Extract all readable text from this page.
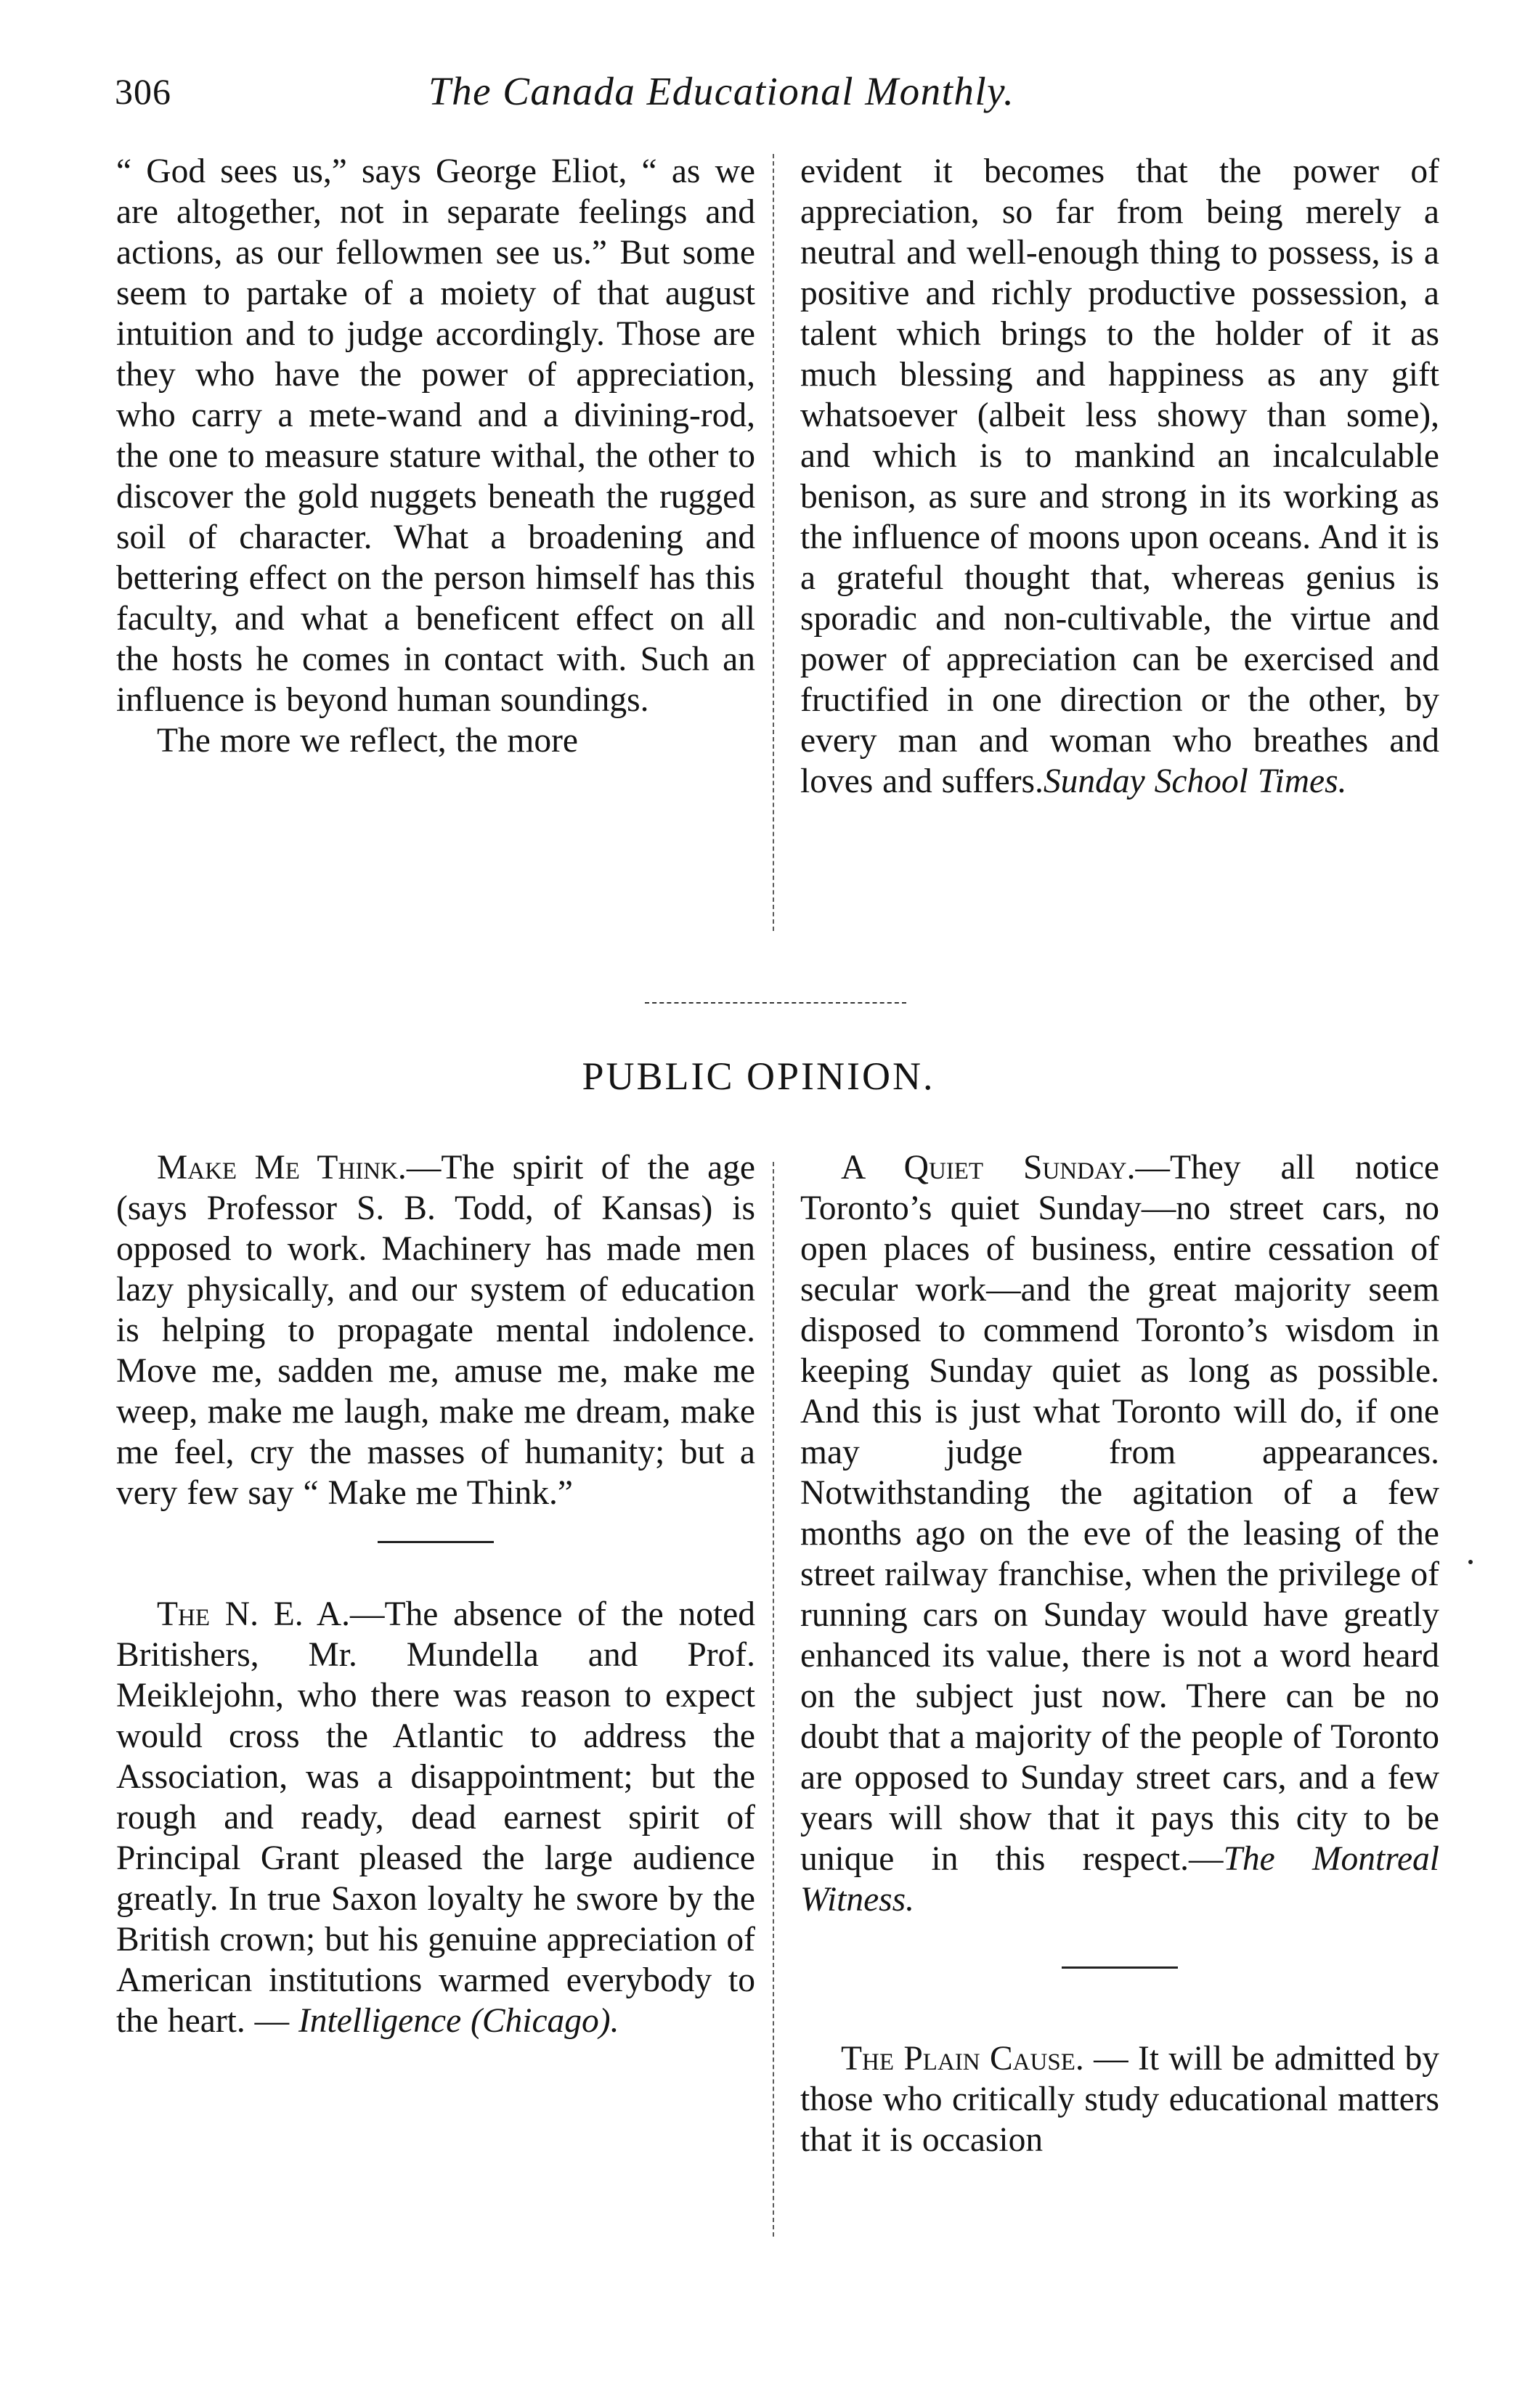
306	The Canada Educational Monthly.

“ God sees us,” says George Eliot, “ as we are altogether, not in separate feelings and actions, as our fellowmen see us.” But some seem to partake of a moiety of that august intuition and to judge accordingly. Those are they who have the power of appreciation, who carry a mete-wand and a divining-rod, the one to measure stature withal, the other to discover the gold nuggets beneath the rugged soil of character. What a broadening and bettering effect on the person himself has this faculty, and what a beneficent effect on all the hosts he comes in contact with. Such an influence is beyond human soundings.

The more we reflect, the more

evident it becomes that the power of appreciation, so far from being merely a neutral and well-enough thing to possess, is a positive and richly productive possession, a talent which brings to the holder of it as much blessing and happiness as any gift whatsoever (albeit less showy than some), and which is to mankind an incalculable benison, as sure and strong in its working as the influence of moons upon oceans. And it is a grateful thought that, whereas genius is sporadic and non-cultivable, the virtue and power of appreciation can be exercised and fructified in one direction or the other, by every man and woman who breathes and loves and suffers.Sunday School Times.

PUBLIC OPINION.

Make Me Think.—The spirit of the age (says Professor S. B. Todd, of Kansas) is opposed to work. Machinery has made men lazy physically, and our system of education is helping to propagate mental indolence. Move me, sadden me, amuse me, make me weep, make me laugh, make me dream, make me feel, cry the masses of humanity; but a very few say “ Make me Think.”

The N. E. A.—The absence of the noted Britishers, Mr. Mundella and Prof. Meiklejohn, who there was reason to expect would cross the Atlantic to address the Association, was a disappointment; but the rough and ready, dead earnest spirit of Principal Grant pleased the large audience greatly. In true Saxon loyalty he swore by the British crown; but his genuine appreciation of American institutions warmed everybody to the heart. — Intelligence (Chicago).

A Quiet Sunday.—They all notice Toronto’s quiet Sunday—no street cars, no open places of business, entire cessation of secular work—and the great majority seem disposed to commend Toronto’s wisdom in keeping Sunday quiet as long as possible. And this is just what Toronto will do, if one may judge from appearances. Notwithstanding the agitation of a few months ago on the eve of the leasing of the street railway franchise, when the privilege of running cars on Sunday would have greatly enhanced its value, there is not a word heard on the subject just now. There can be no doubt that a majority of the people of Toronto are opposed to Sunday street cars, and a few years will show that it pays this city to be unique in this respect.—The Montreal Witness.

The Plain Cause. — It will be admitted by those who critically study educational matters that it is occasion
